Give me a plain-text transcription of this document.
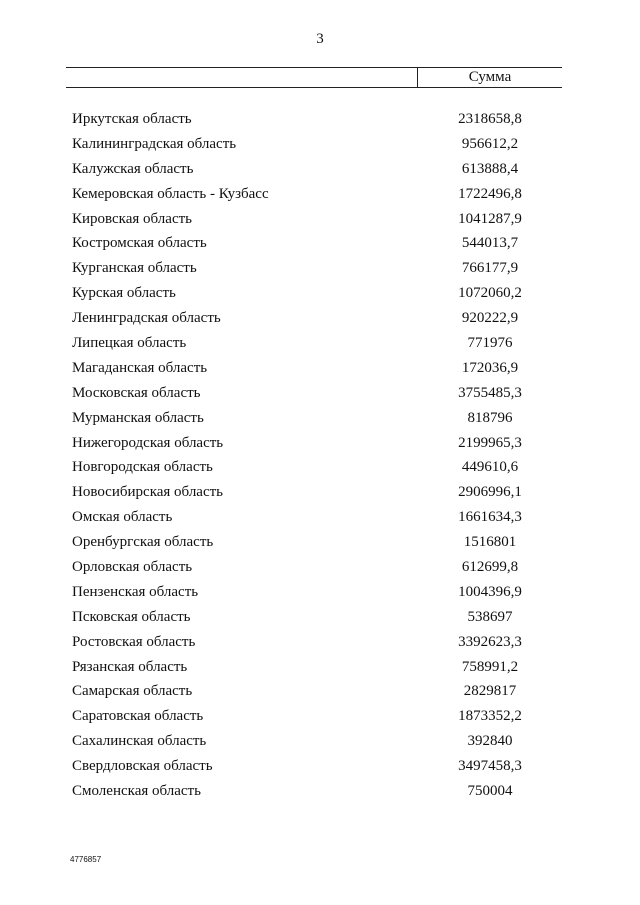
3
Сумма
Иркутская область	2318658,8
Калининградская область	956612,2
Калужская область	613888,4
Кемеровская область - Кузбасс	1722496,8
Кировская область	1041287,9
Костромская область	544013,7
Курганская область	766177,9
Курская область	1072060,2
Ленинградская область	920222,9
Липецкая область	771976
Магаданская область	172036,9
Московская область	3755485,3
Мурманская область	818796
Нижегородская область	2199965,3
Новгородская область	449610,6
Новосибирская область	2906996,1
Омская область	1661634,3
Оренбургская область	1516801
Орловская область	612699,8
Пензенская область	1004396,9
Псковская область	538697
Ростовская область	3392623,3
Рязанская область	758991,2
Самарская область	2829817
Саратовская область	1873352,2
Сахалинская область	392840
Свердловская область	3497458,3
Смоленская область	750004
4776857
